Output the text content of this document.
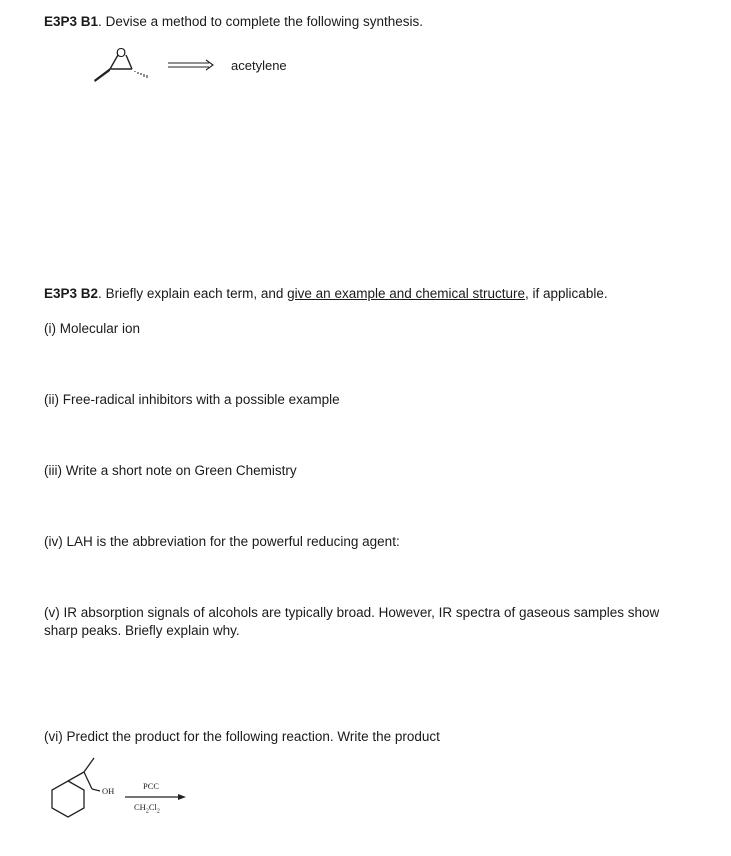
E3P3 B1. Devise a method to complete the following synthesis.
O
acetylene
E3P3 B2. Briefly explain each term, and give an example and chemical structure, if applicable.
(i) Molecular ion
(ii) Free-radical inhibitors with a possible example
(iii) Write a short note on Green Chemistry
(iv) LAH is the abbreviation for the powerful reducing agent:
(v) IR absorption signals of alcohols are typically broad. However, IR spectra of gaseous samples show sharp peaks. Briefly explain why.
(vi) Predict the product for the following reaction. Write the product
OH	PCC
$CH_2Cl_2$
